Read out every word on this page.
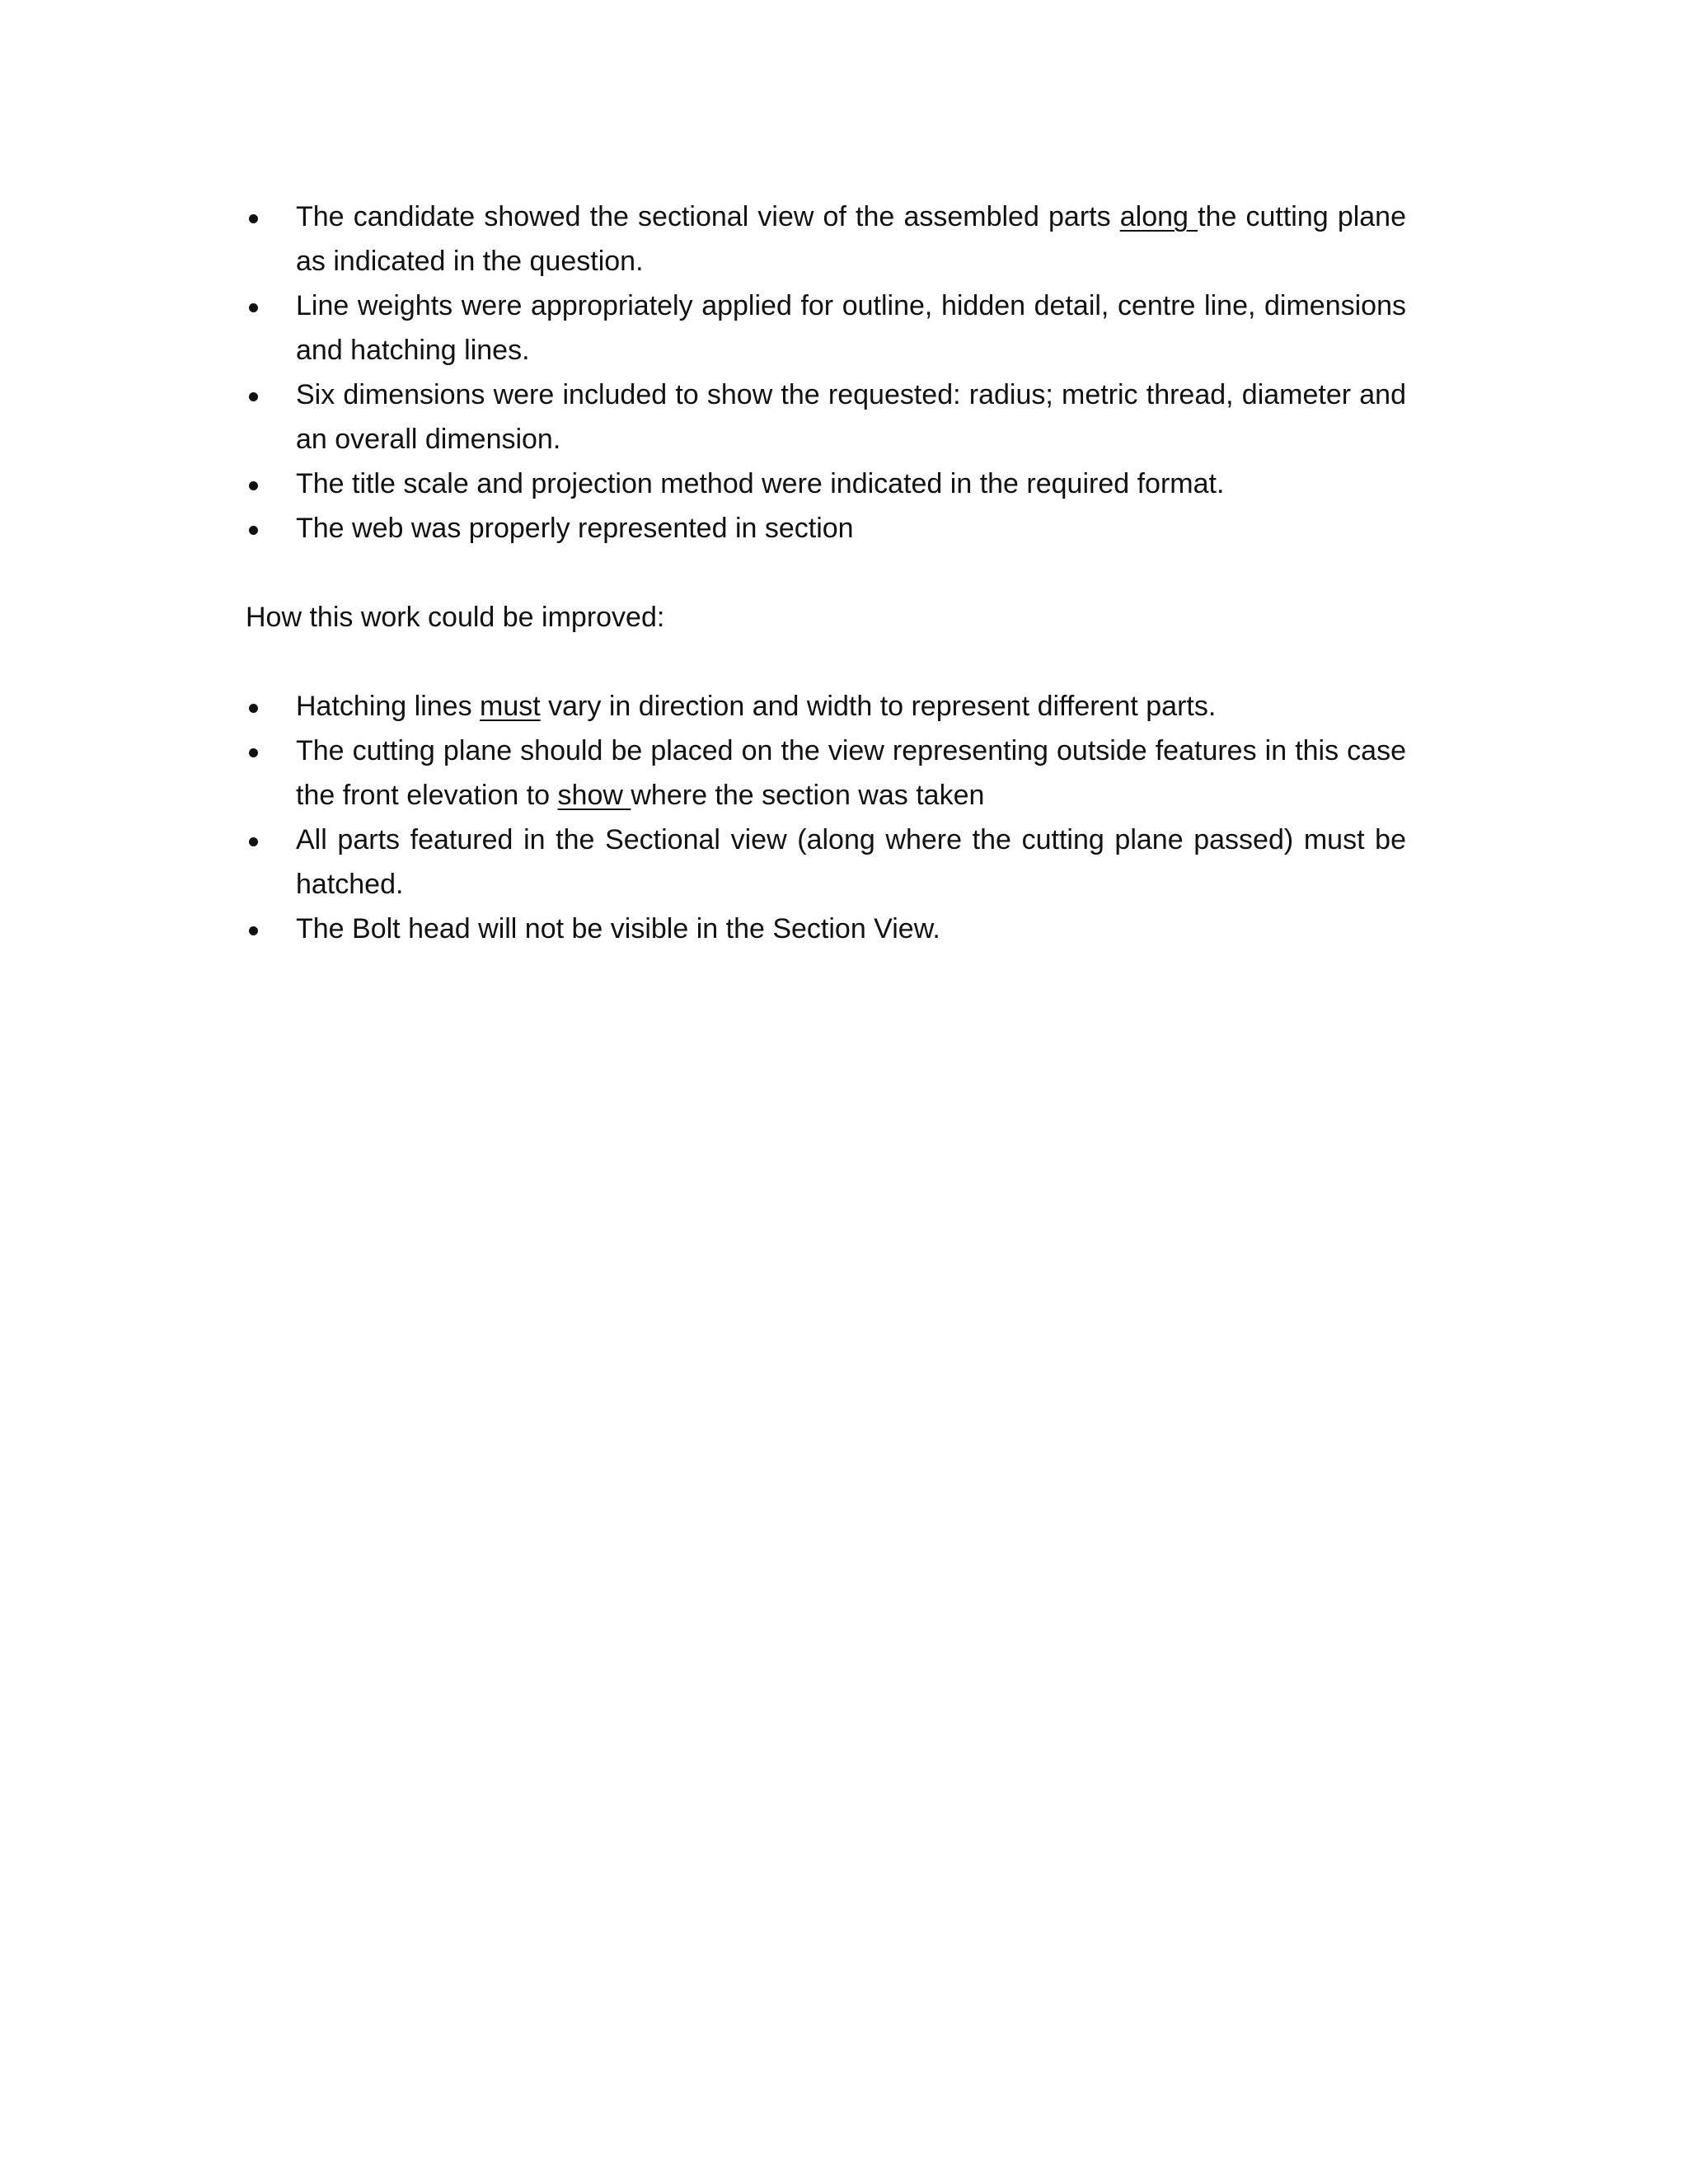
The candidate showed the sectional view of the assembled parts along the cutting plane as indicated in the question.
Line weights were appropriately applied for outline, hidden detail, centre line, dimensions and hatching lines.
Six dimensions were included to show the requested: radius; metric thread, diameter and an overall dimension.
The title scale and projection method were indicated in the required format.
The web was properly represented in section
How this work could be improved:
Hatching lines must vary in direction and width to represent different parts.
The cutting plane should be placed on the view representing outside features in this case the front elevation to show where the section was taken
All parts featured in the Sectional view (along where the cutting plane passed) must be hatched.
The Bolt head will not be visible in the Section View.
